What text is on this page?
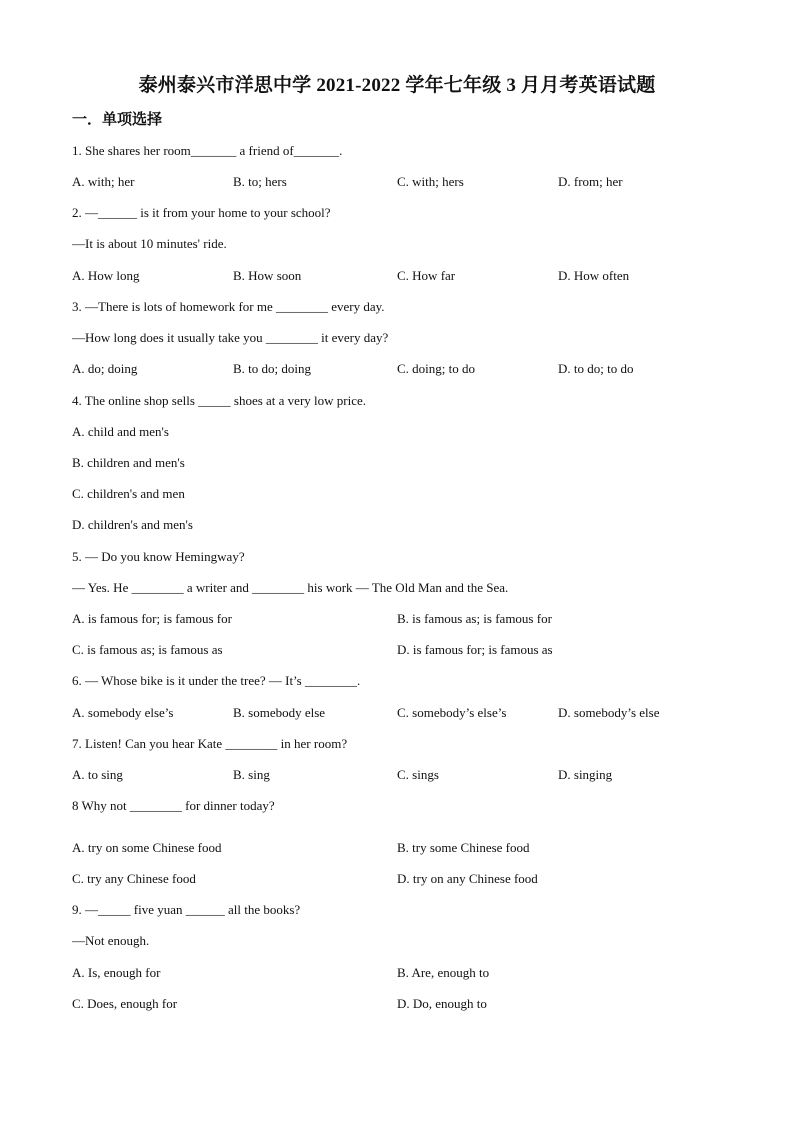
泰州泰兴市洋思中学 2021-2022 学年七年级 3 月月考英语试题
一．单项选择
1. She shares her room_______ a friend of_______.
A. with; her	B. to; hers	C. with; hers	D. from; her
2. —______ is it from your home to your school?
—It is about 10 minutes' ride.
A. How long	B. How soon	C. How far	D. How often
3. —There is lots of homework for me ________ every day.
—How long does it usually take you ________ it every day?
A. do; doing	B. to do; doing	C. doing; to do	D. to do; to do
4. The online shop sells _____ shoes at a very low price.
A. child and men's
B. children and men's
C. children's and men
D. children's and men's
5. — Do you know Hemingway?
— Yes. He ________ a writer and ________ his work — The Old Man and the Sea.
A. is famous for; is famous for	B. is famous as; is famous for
C. is famous as; is famous as	D. is famous for; is famous as
6. — Whose bike is it under the tree? — It’s ________.
A. somebody else’s	B. somebody else	C. somebody’s else’s	D. somebody’s else
7. Listen! Can you hear Kate ________ in her room?
A. to sing	B. sing	C. sings	D. singing
8 Why not ________ for dinner today?
A. try on some Chinese food	B. try some Chinese food
C. try any Chinese food	D. try on any Chinese food
9. —_____ five yuan ______ all the books?
—Not enough.
A. Is, enough for	B. Are, enough to
C. Does, enough for	D. Do, enough to
